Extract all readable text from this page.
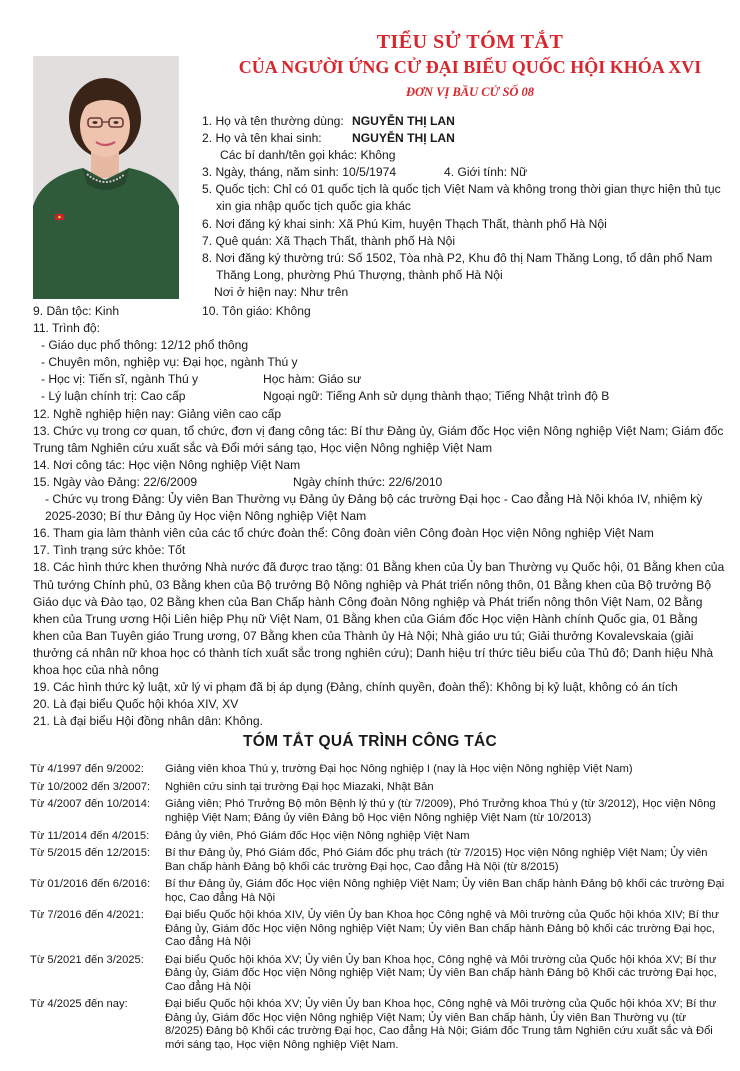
TIỂU SỬ TÓM TẮT
CỦA NGƯỜI ỨNG CỬ ĐẠI BIỂU QUỐC HỘI KHÓA XVI
ĐƠN VỊ BẦU CỬ SỐ 08
1. Họ và tên thường dùng: NGUYỄN THỊ LAN
2. Họ và tên khai sinh:	NGUYỄN THỊ LAN
Các bí danh/tên gọi khác: Không
3. Ngày, tháng, năm sinh: 10/5/1974	4. Giới tính: Nữ
5. Quốc tịch: Chỉ có 01 quốc tịch là quốc tịch Việt Nam và không trong thời gian thực hiện thủ tục xin gia nhập quốc tịch quốc gia khác
6. Nơi đăng ký khai sinh: Xã Phú Kim, huyện Thạch Thất, thành phố Hà Nội
7. Quê quán: Xã Thạch Thất, thành phố Hà Nội
8. Nơi đăng ký thường trú: Số 1502, Tòa nhà P2, Khu đô thị Nam Thăng Long, tổ dân phố Nam Thăng Long, phường Phú Thượng, thành phố Hà Nội
Nơi ở hiện nay: Như trên
9. Dân tộc: Kinh	10. Tôn giáo: Không
11. Trình độ:
- Giáo dục phổ thông: 12/12 phổ thông
- Chuyên môn, nghiệp vụ: Đại học, ngành Thú y
- Học vị: Tiến sĩ, ngành Thú y	Học hàm: Giáo sư
- Lý luận chính trị: Cao cấp	Ngoại ngữ: Tiếng Anh sử dụng thành thạo; Tiếng Nhật trình độ B
12. Nghề nghiệp hiện nay: Giảng viên cao cấp
13. Chức vụ trong cơ quan, tổ chức, đơn vị đang công tác: Bí thư Đảng ủy, Giám đốc Học viện Nông nghiệp Việt Nam; Giám đốc Trung tâm Nghiên cứu xuất sắc và Đổi mới sáng tạo, Học viện Nông nghiệp Việt Nam
14. Nơi công tác: Học viện Nông nghiệp Việt Nam
15. Ngày vào Đảng: 22/6/2009	Ngày chính thức: 22/6/2010
- Chức vụ trong Đảng: Ủy viên Ban Thường vụ Đảng ủy Đảng bộ các trường Đại học - Cao đẳng Hà Nội khóa IV, nhiệm kỳ 2025-2030; Bí thư Đảng ủy Học viện Nông nghiệp Việt Nam
16. Tham gia làm thành viên của các tổ chức đoàn thể: Công đoàn viên Công đoàn Học viện Nông nghiệp Việt Nam
17. Tình trạng sức khỏe: Tốt
18. Các hình thức khen thưởng Nhà nước đã được trao tặng: 01 Bằng khen của Ủy ban Thường vụ Quốc hội, 01 Bằng khen của Thủ tướng Chính phủ, 03 Bằng khen của Bộ trưởng Bộ Nông nghiệp và Phát triển nông thôn, 01 Bằng khen của Bộ trưởng Bộ Giáo dục và Đào tạo, 02 Bằng khen của Ban Chấp hành Công đoàn Nông nghiệp và Phát triển nông thôn Việt Nam, 02 Bằng khen của Trung ương Hội Liên hiệp Phụ nữ Việt Nam, 01 Bằng khen của Giám đốc Học viện Hành chính Quốc gia, 01 Bằng khen của Ban Tuyên giáo Trung ương, 07 Bằng khen của Thành ủy Hà Nội; Nhà giáo ưu tú; Giải thưởng Kovalevskaia (giải thưởng cá nhân nữ khoa học có thành tích xuất sắc trong nghiên cứu); Danh hiệu trí thức tiêu biểu của Thủ đô; Danh hiệu Nhà khoa học của nhà nông
19. Các hình thức kỷ luật, xử lý vi phạm đã bị áp dụng (Đảng, chính quyền, đoàn thể): Không bị kỷ luật, không có án tích
20. Là đại biểu Quốc hội khóa XIV, XV
21. Là đại biểu Hội đồng nhân dân: Không.
TÓM TẮT QUÁ TRÌNH CÔNG TÁC
Từ 4/1997 đến 9/2002:	Giảng viên khoa Thú y, trường Đại học Nông nghiệp I (nay là Học viện Nông nghiệp Việt Nam)
Từ 10/2002 đến 3/2007:	Nghiên cứu sinh tại trường Đại học Miazaki, Nhật Bản
Từ 4/2007 đến 10/2014:	Giảng viên; Phó Trưởng Bộ môn Bệnh lý thú y (từ 7/2009), Phó Trưởng khoa Thú y (từ 3/2012), Học viện Nông nghiệp Việt Nam; Đảng ủy viên Đảng bộ Học viện Nông nghiệp Việt Nam (từ 10/2013)
Từ 11/2014 đến 4/2015:	Đảng ủy viên, Phó Giám đốc Học viện Nông nghiệp Việt Nam
Từ 5/2015 đến 12/2015:	Bí thư Đảng ủy, Phó Giám đốc, Phó Giám đốc phụ trách (từ 7/2015) Học viện Nông nghiệp Việt Nam; Ủy viên Ban chấp hành Đảng bộ khối các trường Đại học, Cao đẳng Hà Nội (từ 8/2015)
Từ 01/2016 đến 6/2016:	Bí thư Đảng ủy, Giám đốc Học viện Nông nghiệp Việt Nam; Ủy viên Ban chấp hành Đảng bộ khối các trường Đại học, Cao đẳng Hà Nội
Từ 7/2016 đến 4/2021:	Đại biểu Quốc hội khóa XIV, Ủy viên Ủy ban Khoa học Công nghệ và Môi trường của Quốc hội khóa XIV; Bí thư Đảng ủy, Giám đốc Học viện Nông nghiệp Việt Nam; Ủy viên Ban chấp hành Đảng bộ khối các trường Đại học, Cao đẳng Hà Nội
Từ 5/2021 đến 3/2025:	Đại biểu Quốc hội khóa XV; Ủy viên Ủy ban Khoa học, Công nghệ và Môi trường của Quốc hội khóa XV; Bí thư Đảng ủy, Giám đốc Học viện Nông nghiệp Việt Nam; Ủy viên Ban chấp hành Đảng bộ Khối các trường Đại học, Cao đẳng Hà Nội
Từ 4/2025 đến nay:	Đại biểu Quốc hội khóa XV; Ủy viên Ủy ban Khoa học, Công nghệ và Môi trường của Quốc hội khóa XV; Bí thư Đảng ủy, Giám đốc Học viện Nông nghiệp Việt Nam; Ủy viên Ban chấp hành, Ủy viên Ban Thường vụ (từ 8/2025) Đảng bộ Khối các trường Đại học, Cao đẳng Hà Nội; Giám đốc Trung tâm Nghiên cứu xuất sắc và Đổi mới sáng tạo, Học viện Nông nghiệp Việt Nam.
